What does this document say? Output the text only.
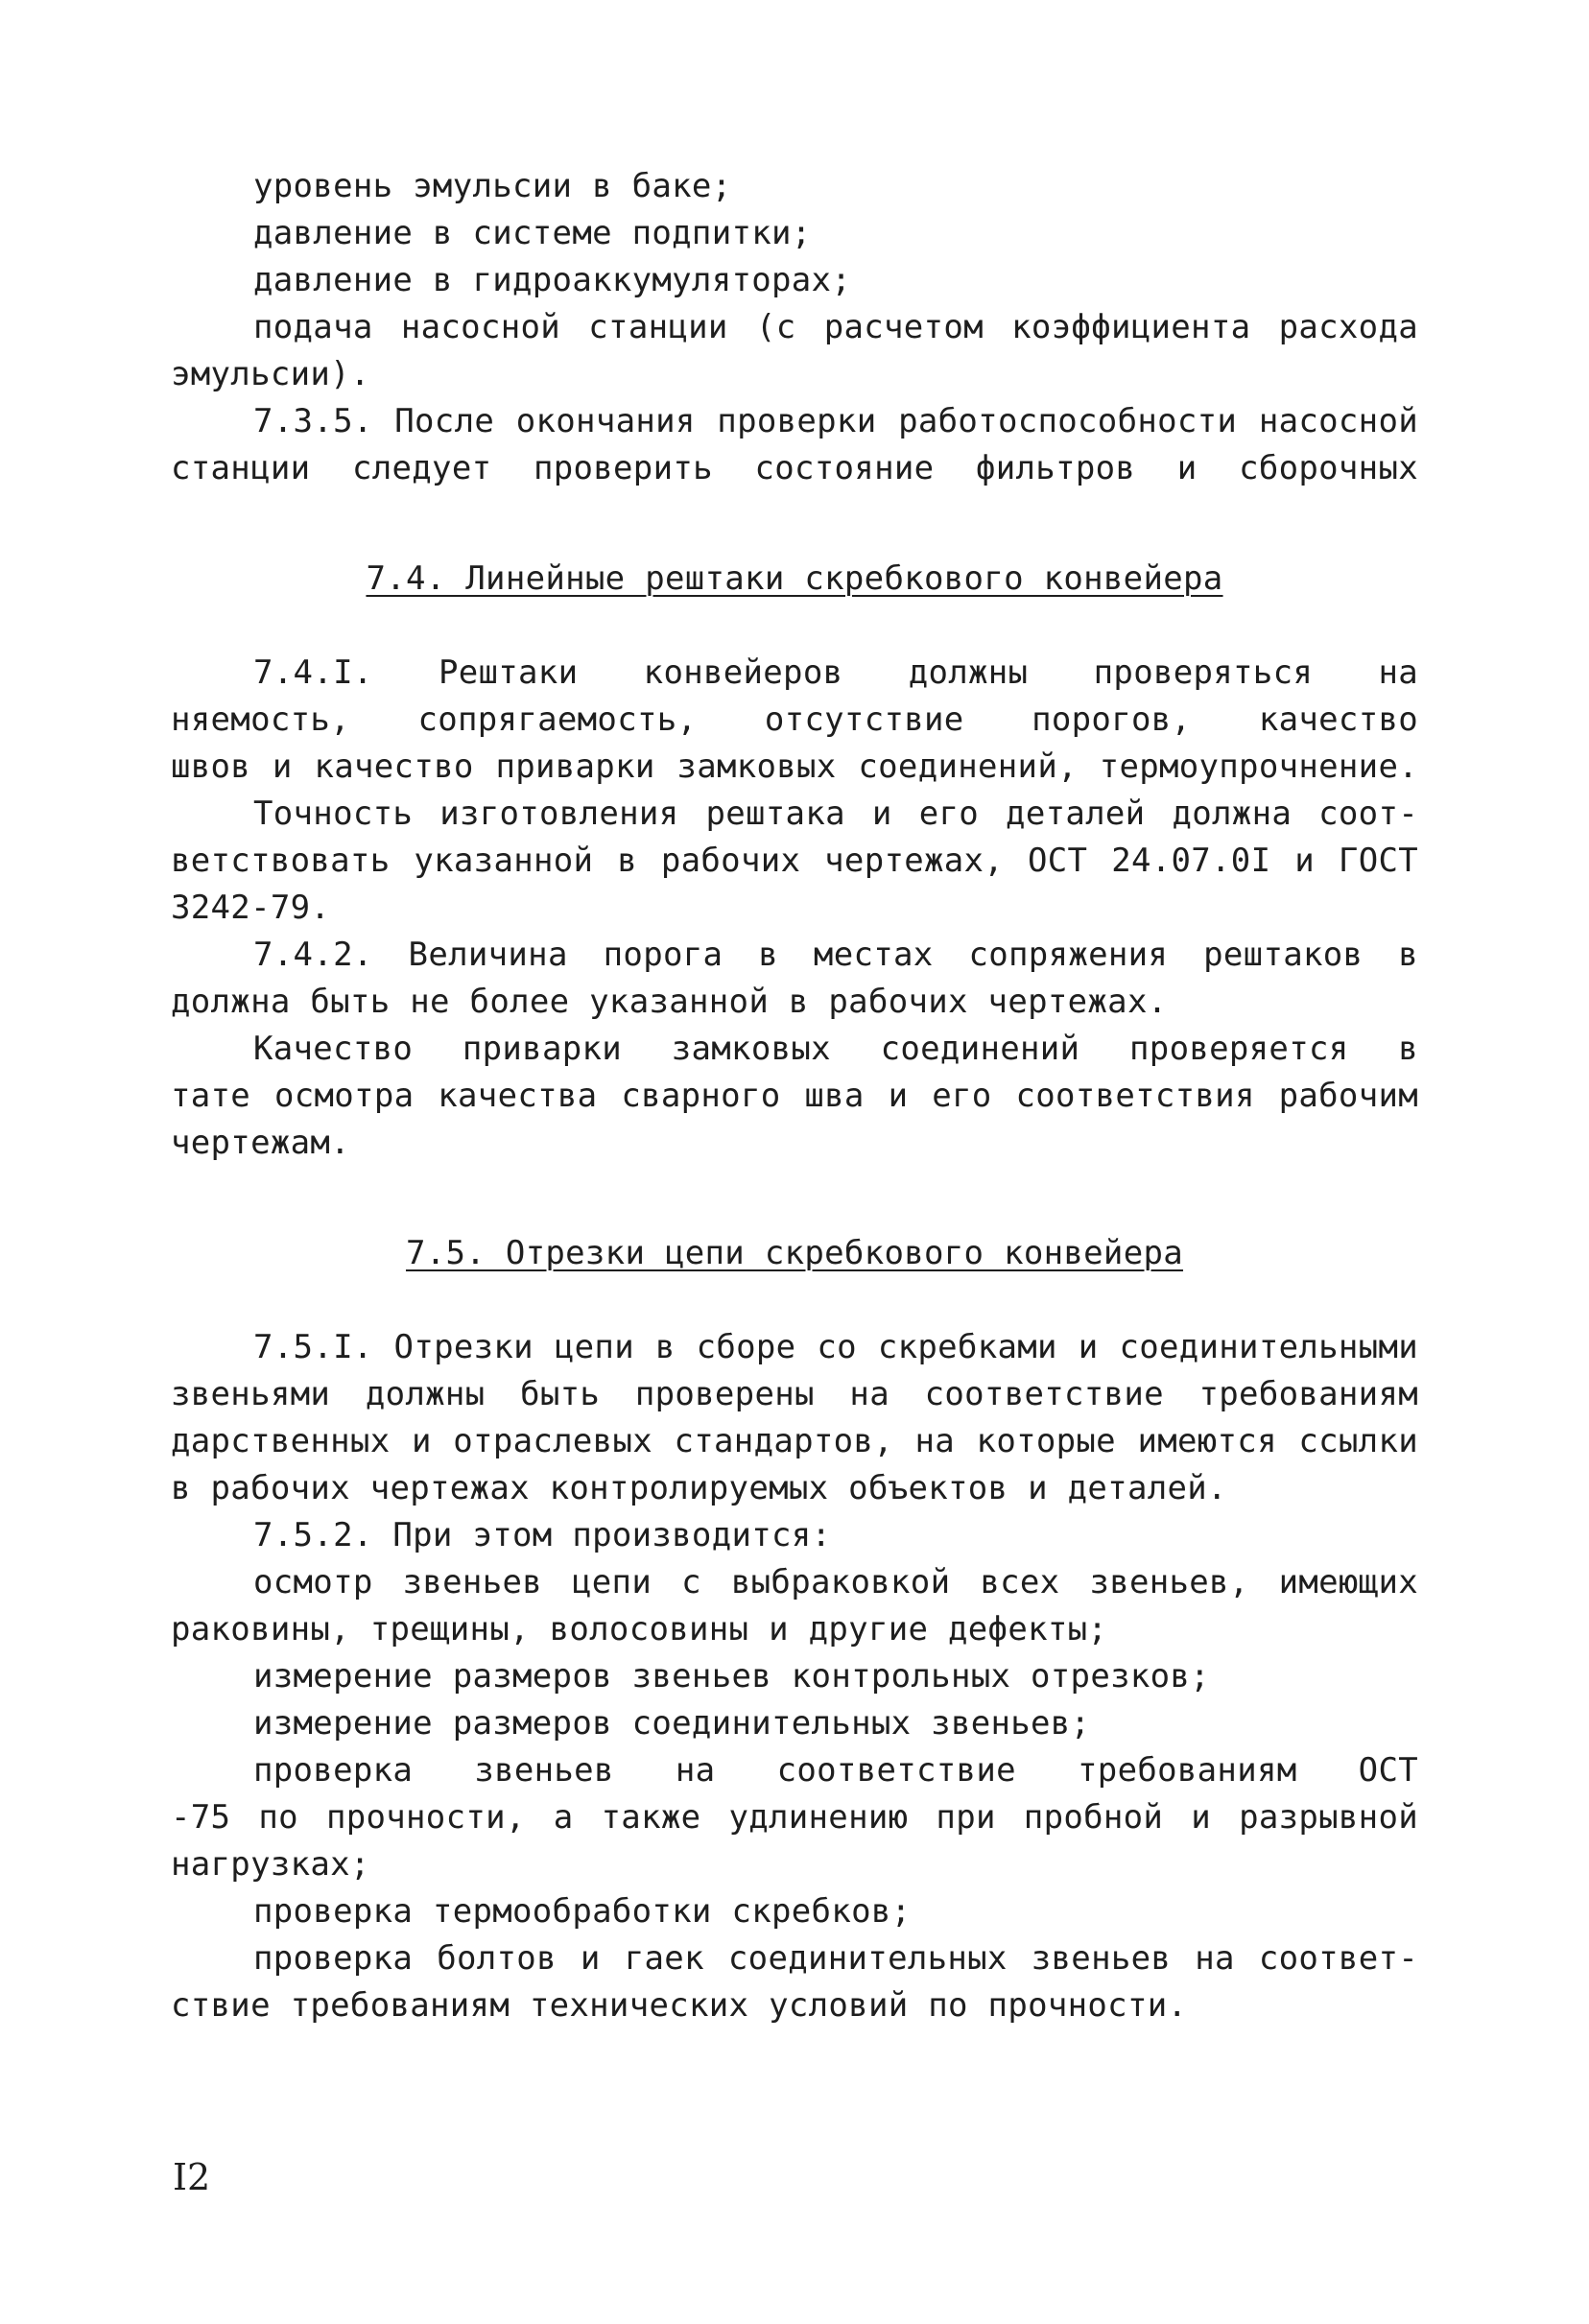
уровень эмульсии в баке;
давление в системе подпитки;
давление в гидроаккумуляторах;
подача насосной станции (с расчетом коэффициента расхода
эмульсии).
7.3.5. После окончания проверки работоспособности насосной
станции следует проверить состояние фильтров и сборочных
7.4. Линейные рештаки скребкового конвейера
7.4.I. Рештаки конвейеров должны проверяться на
няемость, сопрягаемость, отсутствие порогов, качество
швов и качество приварки замковых соединений, термоупрочнение.
Точность изготовления рештака и его деталей должна соот-
ветствовать указанной в рабочих чертежах, ОСТ 24.07.0I и ГОСТ
3242-79.
7.4.2. Величина порога в местах сопряжения рештаков в
должна быть не более указанной в рабочих чертежах.
Качество приварки замковых соединений проверяется в
тате осмотра качества сварного шва и его соответствия рабочим
чертежам.
7.5. Отрезки цепи скребкового конвейера
7.5.I. Отрезки цепи в сборе со скребками и соединительными
звеньями должны быть проверены на соответствие требованиям
дарственных и отраслевых стандартов, на которые имеются ссылки
в рабочих чертежах контролируемых объектов и деталей.
7.5.2. При этом производится:
осмотр звеньев цепи с выбраковкой всех звеньев, имеющих
раковины, трещины, волосовины и другие дефекты;
измерение размеров звеньев контрольных отрезков;
измерение размеров соединительных звеньев;
проверка звеньев на соответствие требованиям ОСТ
-75 по прочности, а также удлинению при пробной и разрывной
нагрузках;
проверка термообработки скребков;
проверка болтов и гаек соединительных звеньев на соответ-
ствие требованиям технических условий по прочности.
I2
